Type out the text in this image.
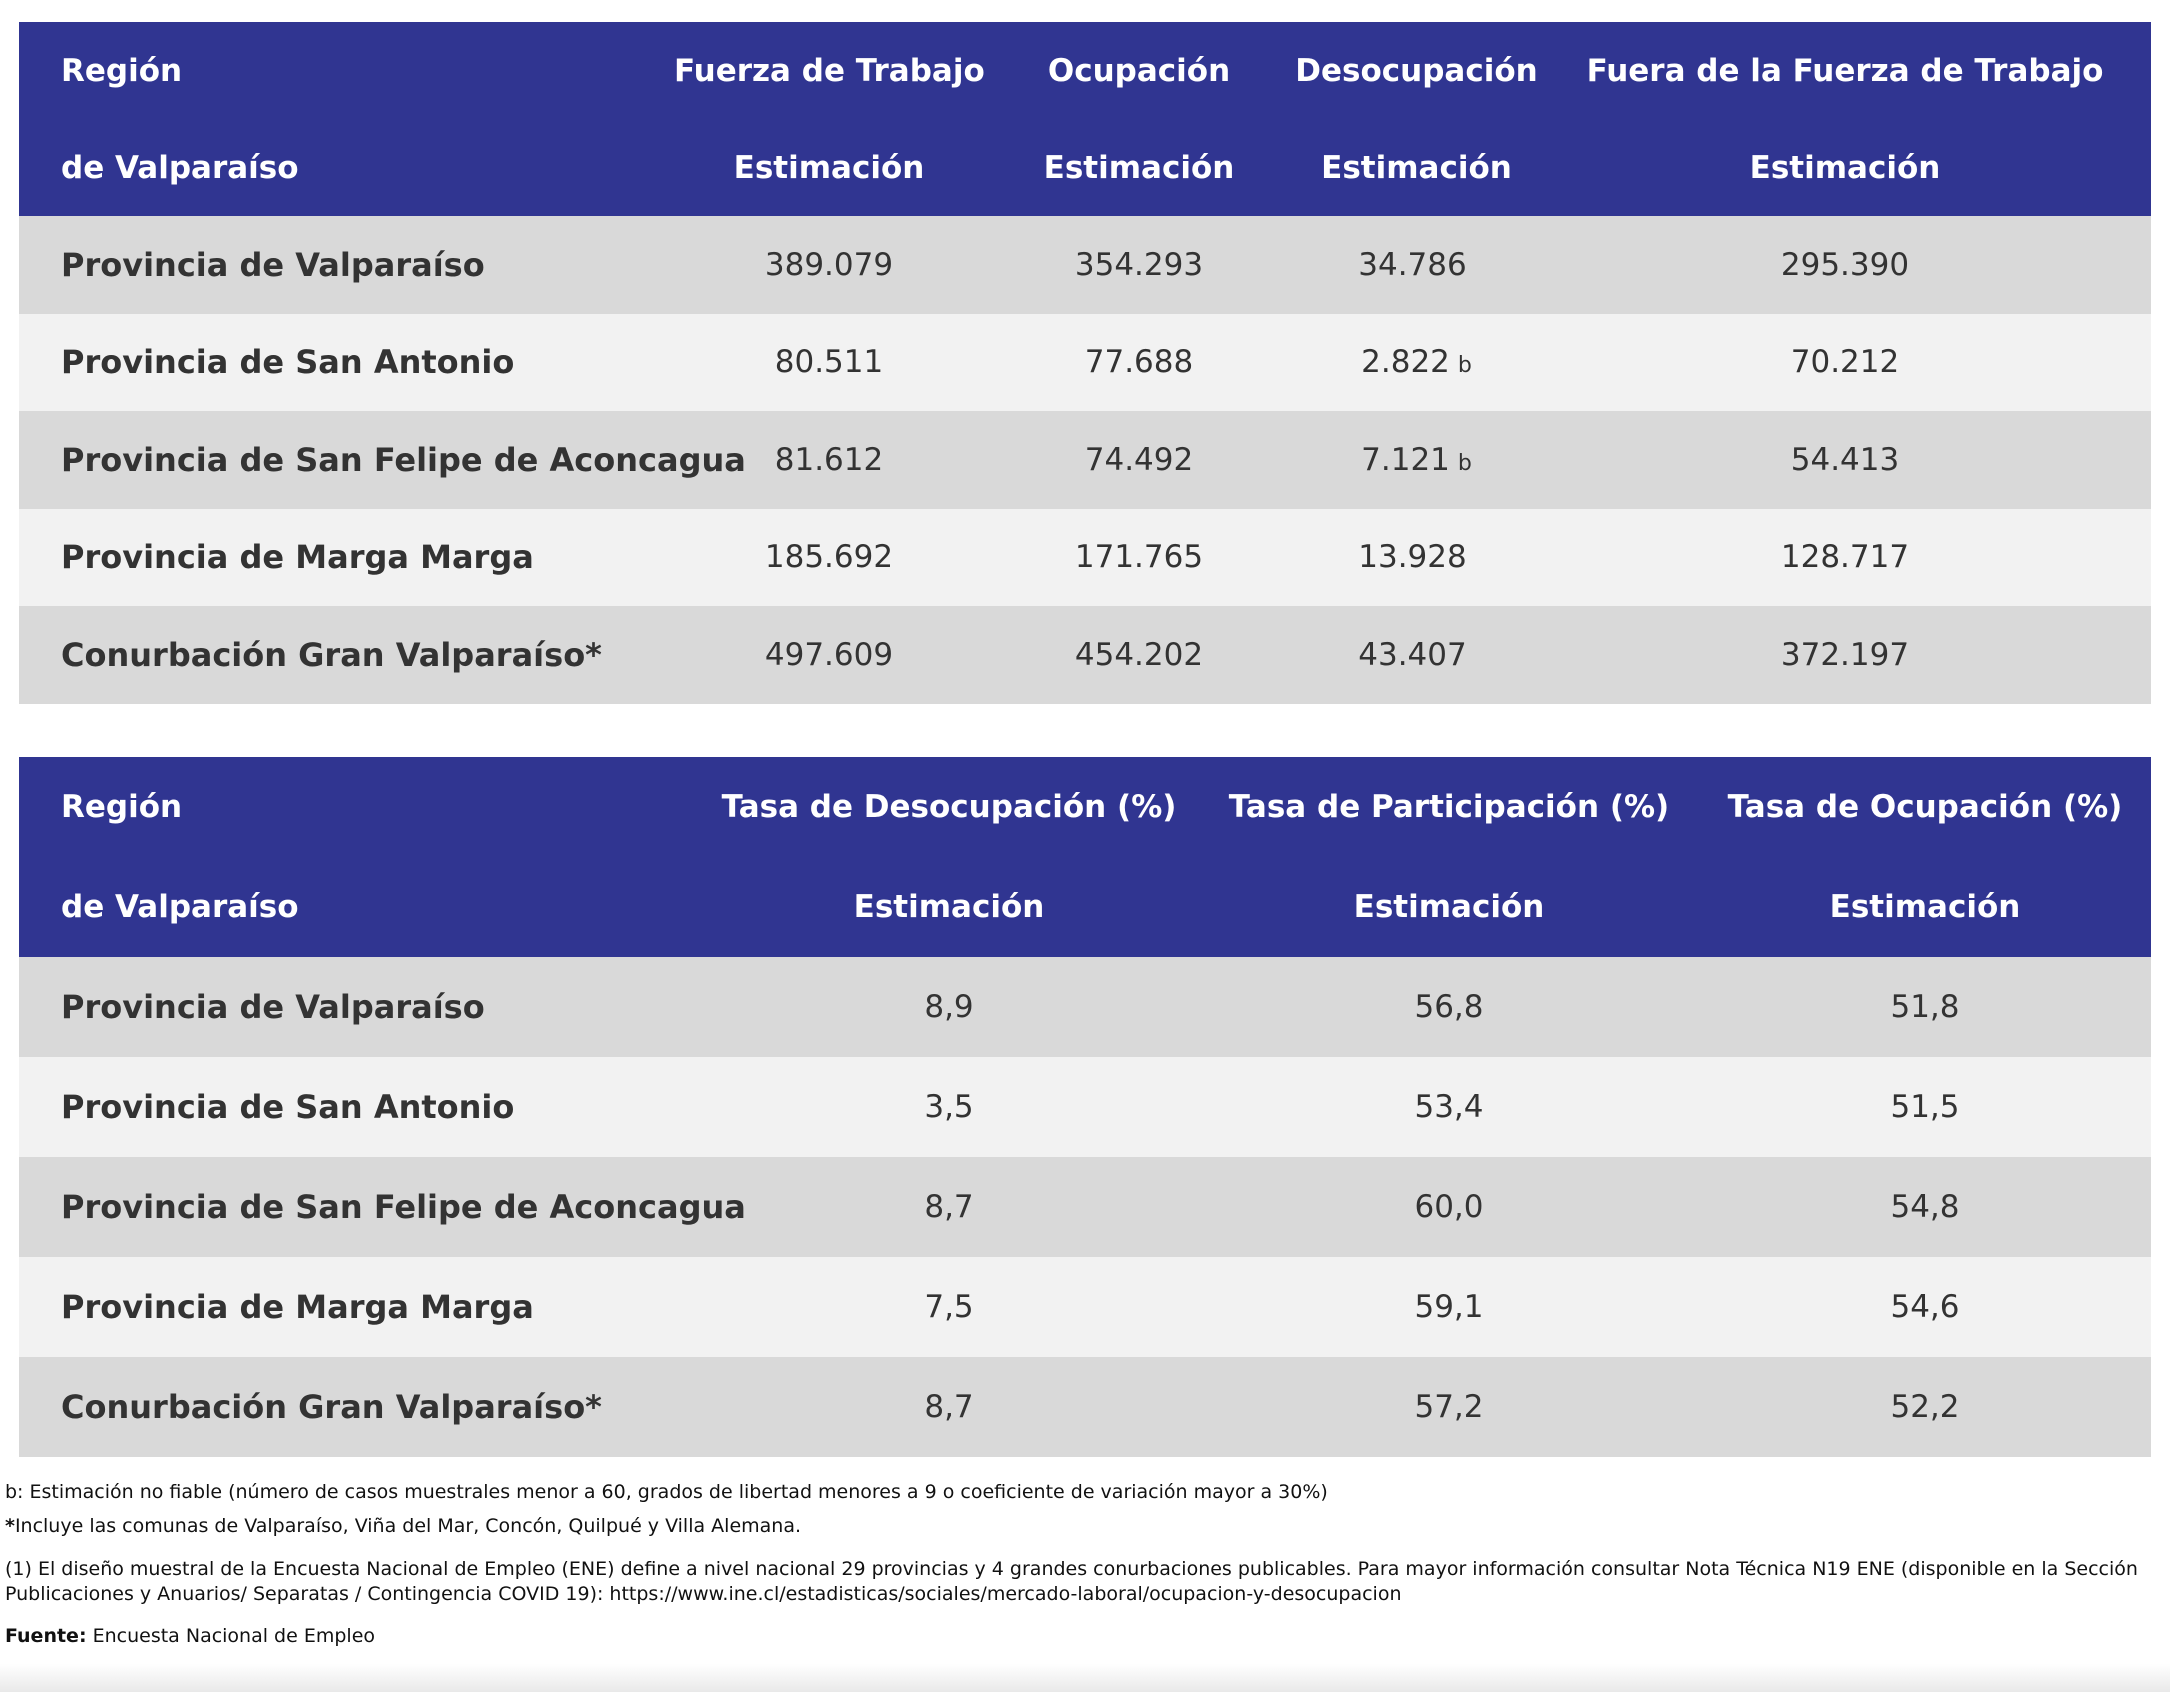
Región	Fuerza de Trabajo	Ocupación	Desocupación	Fuera de la Fuerza de Trabajo
de Valparaíso	Estimación	Estimación	Estimación	Estimación
Provincia de Valparaíso	389.079	354.293	34.786	295.390
Provincia de San Antonio	80.511	77.688	2.822 b	70.212
Provincia de San Felipe de Aconcagua	81.612	74.492	7.121 b	54.413
Provincia de Marga Marga	185.692	171.765	13.928	128.717
Conurbación Gran Valparaíso*	497.609	454.202	43.407	372.197
Región	Tasa de Desocupación (%)	Tasa de Participación (%)	Tasa de Ocupación (%)
de Valparaíso	Estimación	Estimación	Estimación
Provincia de Valparaíso	8,9	56,8	51,8
Provincia de San Antonio	3,5	53,4	51,5
Provincia de San Felipe de Aconcagua	8,7	60,0	54,8
Provincia de Marga Marga	7,5	59,1	54,6
Conurbación Gran Valparaíso*	8,7	57,2	52,2

b: Estimación no fiable (número de casos muestrales menor a 60, grados de libertad menores a 9 o coeficiente de variación mayor a 30%)

*Incluye las comunas de Valparaíso, Viña del Mar, Concón, Quilpué y Villa Alemana.

(1) El diseño muestral de la Encuesta Nacional de Empleo (ENE) define a nivel nacional 29 provincias y 4 grandes conurbaciones publicables. Para mayor información consultar Nota Técnica N19 ENE (disponible en la Sección Publicaciones y Anuarios/ Separatas / Contingencia COVID 19): https://www.ine.cl/estadisticas/sociales/mercado-laboral/ocupacion-y-desocupacion

Fuente: Encuesta Nacional de Empleo
